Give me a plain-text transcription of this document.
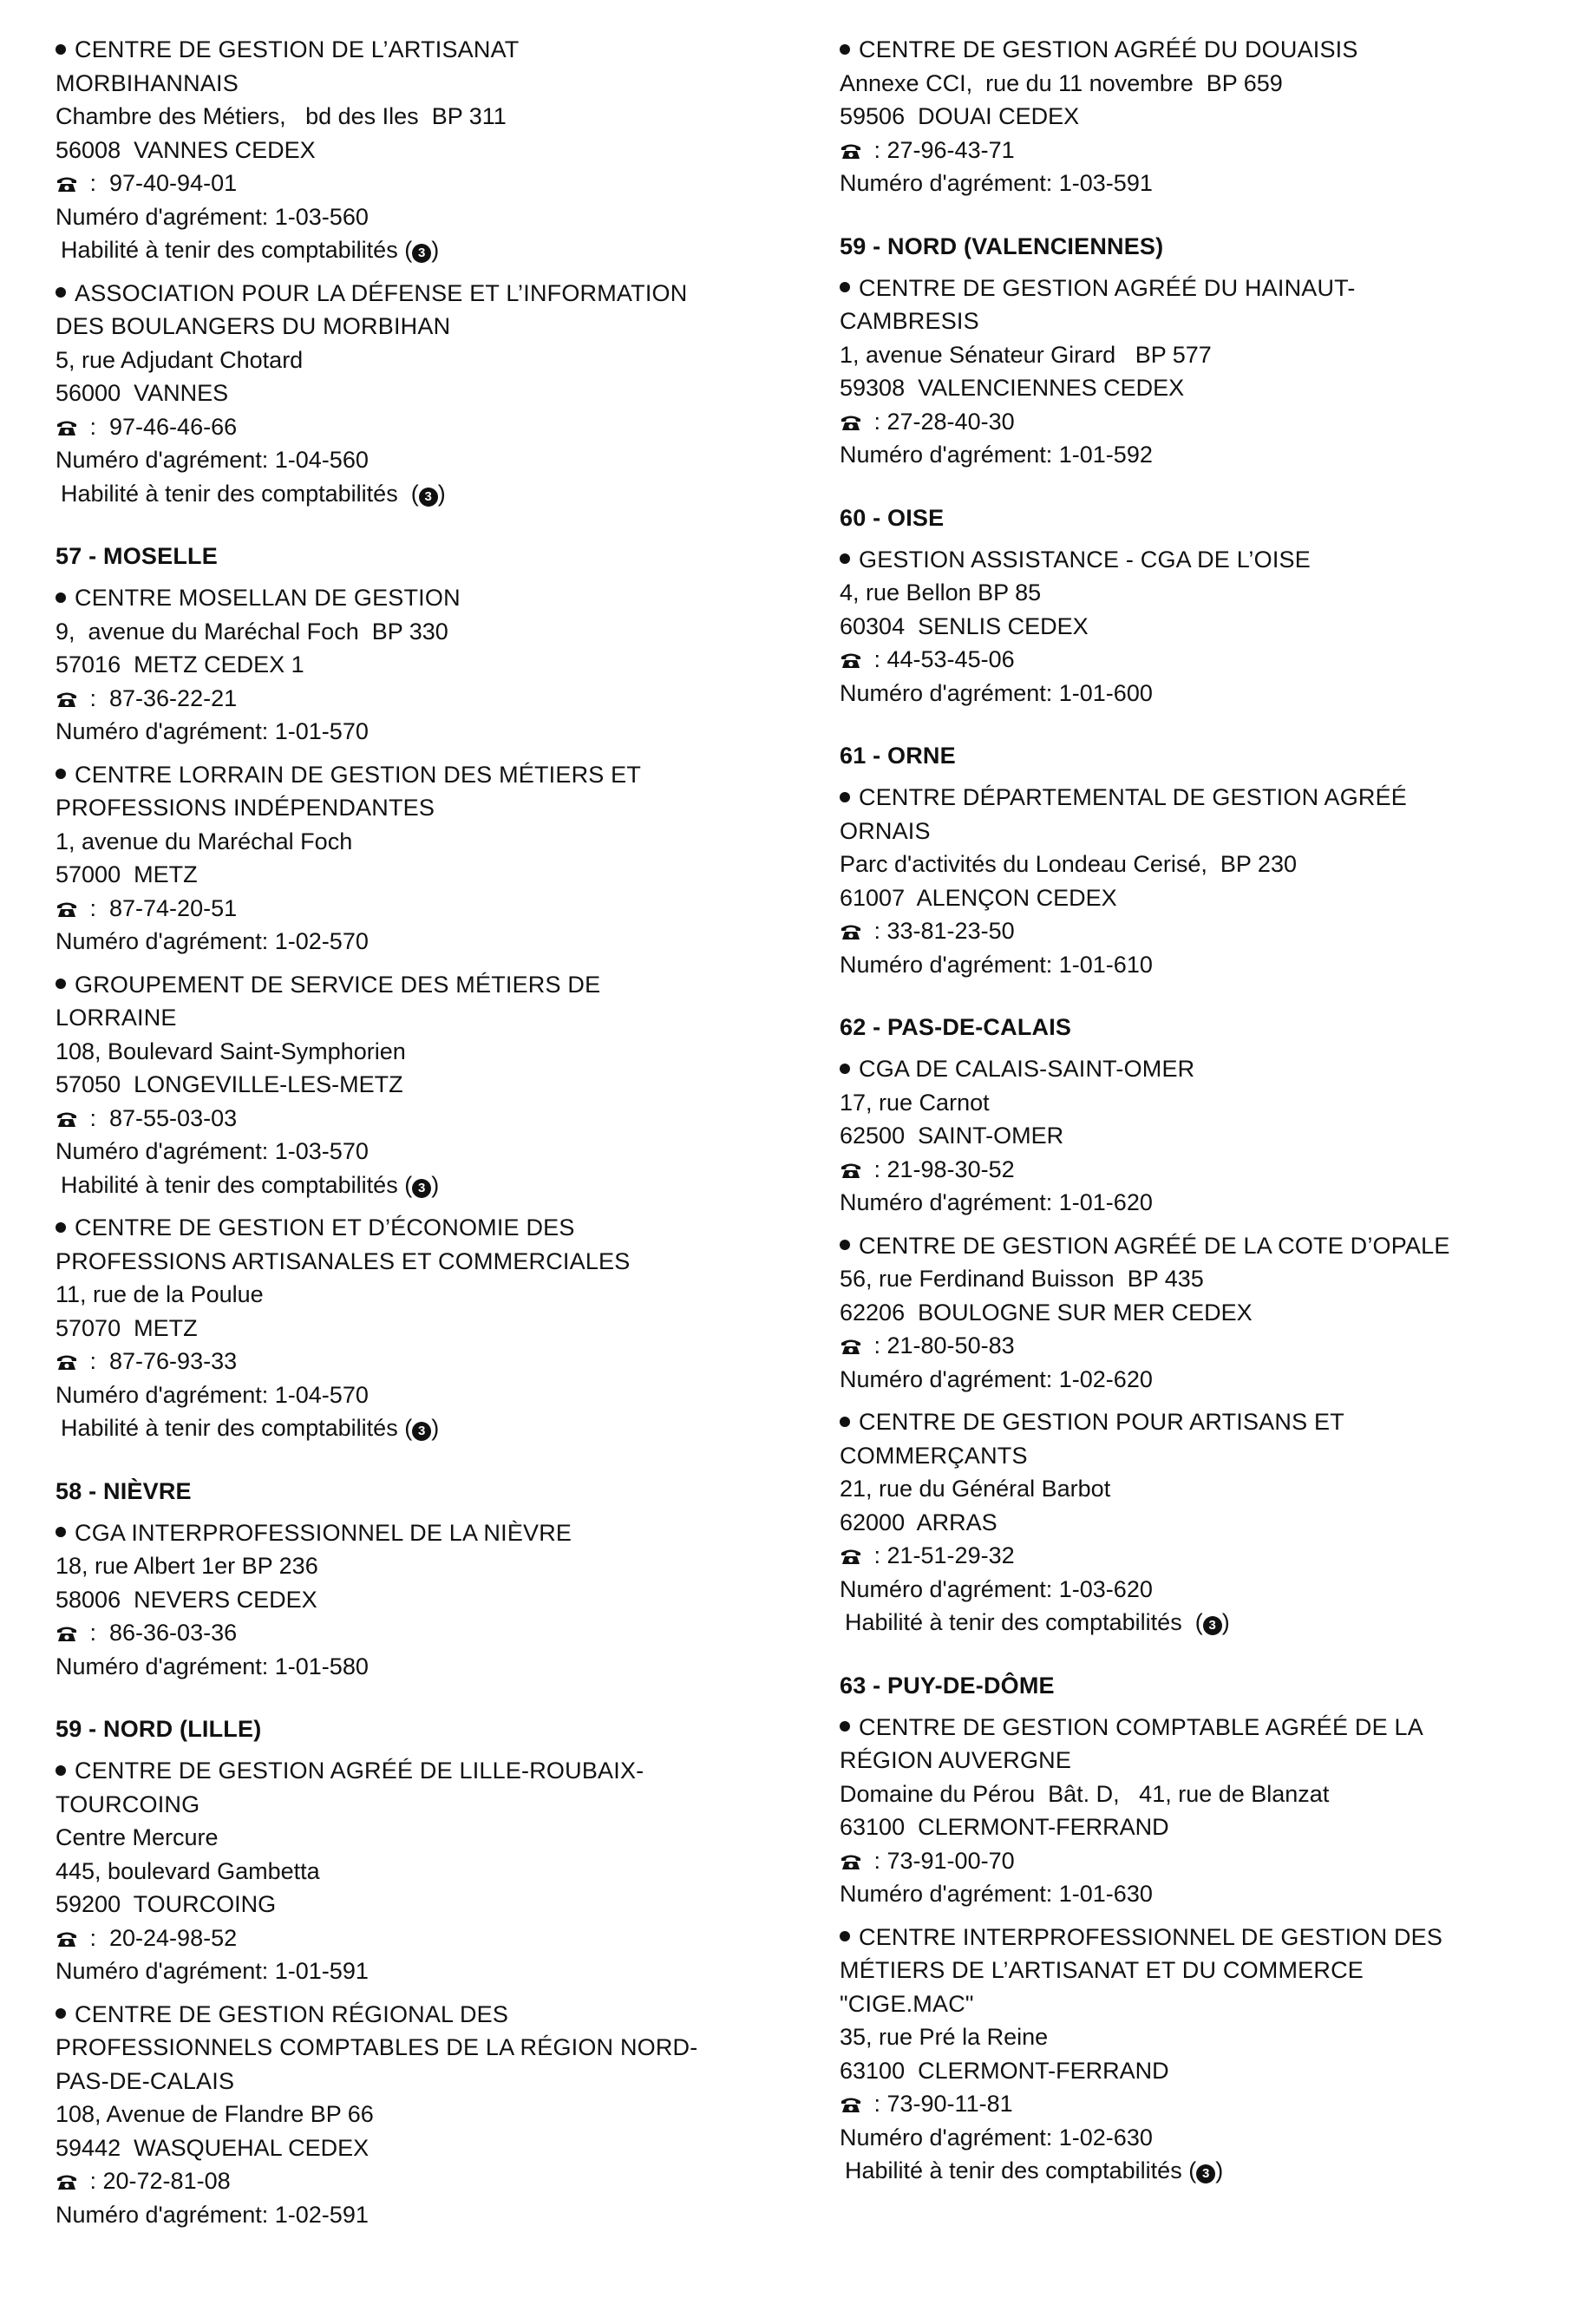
CENTRE DE GESTION DE L’ARTISANAT
MORBIHANNAIS
Chambre des Métiers,   bd des Iles  BP 311
56008  VANNES CEDEX
:  97-40-94-01
Numéro d'agrément: 1-03-560
Habilité à tenir des comptabilités ( 3 )
ASSOCIATION POUR LA DÉFENSE ET L’INFORMATION
DES BOULANGERS DU MORBIHAN
5, rue Adjudant Chotard
56000  VANNES
:  97-46-46-66
Numéro d'agrément: 1-04-560
Habilité à tenir des comptabilités  ( 3 )
57 - MOSELLE
CENTRE MOSELLAN DE GESTION
9,  avenue du Maréchal Foch  BP 330
57016  METZ CEDEX 1
:  87-36-22-21
Numéro d'agrément: 1-01-570
CENTRE LORRAIN DE GESTION DES MÉTIERS ET
PROFESSIONS INDÉPENDANTES
1, avenue du Maréchal Foch
57000  METZ
:  87-74-20-51
Numéro d'agrément: 1-02-570
GROUPEMENT DE SERVICE DES MÉTIERS DE
LORRAINE
108, Boulevard Saint-Symphorien
57050  LONGEVILLE-LES-METZ
:  87-55-03-03
Numéro d'agrément: 1-03-570
Habilité à tenir des comptabilités ( 3 )
CENTRE DE GESTION ET D’ÉCONOMIE DES
PROFESSIONS ARTISANALES ET COMMERCIALES
11, rue de la Poulue
57070  METZ
:  87-76-93-33
Numéro d'agrément: 1-04-570
Habilité à tenir des comptabilités ( 3 )
58 - NIÈVRE
CGA INTERPROFESSIONNEL DE LA NIÈVRE
18, rue Albert 1er BP 236
58006  NEVERS CEDEX
:  86-36-03-36
Numéro d'agrément: 1-01-580
59 - NORD (LILLE)
CENTRE DE GESTION AGRÉÉ DE LILLE-ROUBAIX-
TOURCOING
Centre Mercure
445, boulevard Gambetta
59200  TOURCOING
:  20-24-98-52
Numéro d'agrément: 1-01-591
CENTRE DE GESTION RÉGIONAL DES
PROFESSIONNELS COMPTABLES DE LA RÉGION NORD-
PAS-DE-CALAIS
108, Avenue de Flandre BP 66
59442  WASQUEHAL CEDEX
: 20-72-81-08
Numéro d'agrément: 1-02-591
CENTRE DE GESTION AGRÉÉ DU DOUAISIS
Annexe CCI,  rue du 11 novembre  BP 659
59506  DOUAI CEDEX
: 27-96-43-71
Numéro d'agrément: 1-03-591
59 - NORD (VALENCIENNES)
CENTRE DE GESTION AGRÉÉ DU HAINAUT-
CAMBRESIS
1, avenue Sénateur Girard   BP 577
59308  VALENCIENNES CEDEX
: 27-28-40-30
Numéro d'agrément: 1-01-592
60 - OISE
GESTION ASSISTANCE - CGA DE L’OISE
4, rue Bellon BP 85
60304  SENLIS CEDEX
: 44-53-45-06
Numéro d'agrément: 1-01-600
61 - ORNE
CENTRE DÉPARTEMENTAL DE GESTION AGRÉÉ
ORNAIS
Parc d'activités du Londeau Cerisé,  BP 230
61007  ALENÇON CEDEX
: 33-81-23-50
Numéro d'agrément: 1-01-610
62 - PAS-DE-CALAIS
CGA DE CALAIS-SAINT-OMER
17, rue Carnot
62500  SAINT-OMER
: 21-98-30-52
Numéro d'agrément: 1-01-620
CENTRE DE GESTION AGRÉÉ DE LA COTE D’OPALE
56, rue Ferdinand Buisson  BP 435
62206  BOULOGNE SUR MER CEDEX
: 21-80-50-83
Numéro d'agrément: 1-02-620
CENTRE DE GESTION POUR ARTISANS ET
COMMERÇANTS
21, rue du Général Barbot
62000  ARRAS
: 21-51-29-32
Numéro d'agrément: 1-03-620
Habilité à tenir des comptabilités  ( 3 )
63 - PUY-DE-DÔME
CENTRE DE GESTION COMPTABLE AGRÉÉ DE LA
RÉGION AUVERGNE
Domaine du Pérou  Bât. D,   41, rue de Blanzat
63100  CLERMONT-FERRAND
: 73-91-00-70
Numéro d'agrément: 1-01-630
CENTRE INTERPROFESSIONNEL DE GESTION DES
MÉTIERS DE L’ARTISANAT ET DU COMMERCE
"CIGE.MAC"
35, rue Pré la Reine
63100  CLERMONT-FERRAND
: 73-90-11-81
Numéro d'agrément: 1-02-630
Habilité à tenir des comptabilités ( 3 )
